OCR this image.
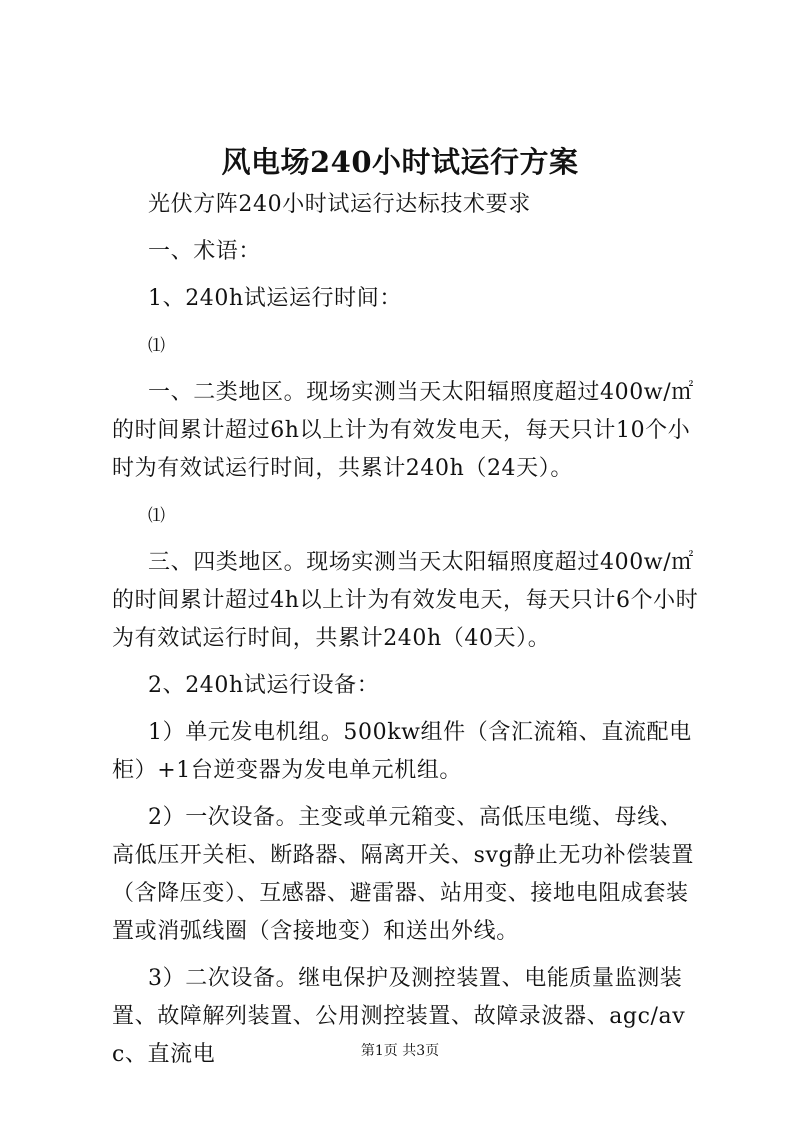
风电场240小时试运行方案

光伏方阵240小时试运行达标技术要求

一、术语：

1、240h试运运行时间：

⑴

一、二类地区。现场实测当天太阳辐照度超过400w/㎡的时间累计超过6h以上计为有效发电天，每天只计10个小时为有效试运行时间，共累计240h（24天）。

⑴

三、四类地区。现场实测当天太阳辐照度超过400w/㎡的时间累计超过4h以上计为有效发电天，每天只计6个小时为有效试运行时间，共累计240h（40天）。

2、240h试运行设备：

1）单元发电机组。500kw组件（含汇流箱、直流配电柜）+1台逆变器为发电单元机组。

2）一次设备。主变或单元箱变、高低压电缆、母线、高低压开关柜、断路器、隔离开关、svg静止无功补偿装置（含降压变）、互感器、避雷器、站用变、接地电阻成套装置或消弧线圈（含接地变）和送出外线。

3）二次设备。继电保护及测控装置、电能质量监测装置、故障解列装置、公用测控装置、故障录波器、agc/avc、直流电	第1页 共3页
